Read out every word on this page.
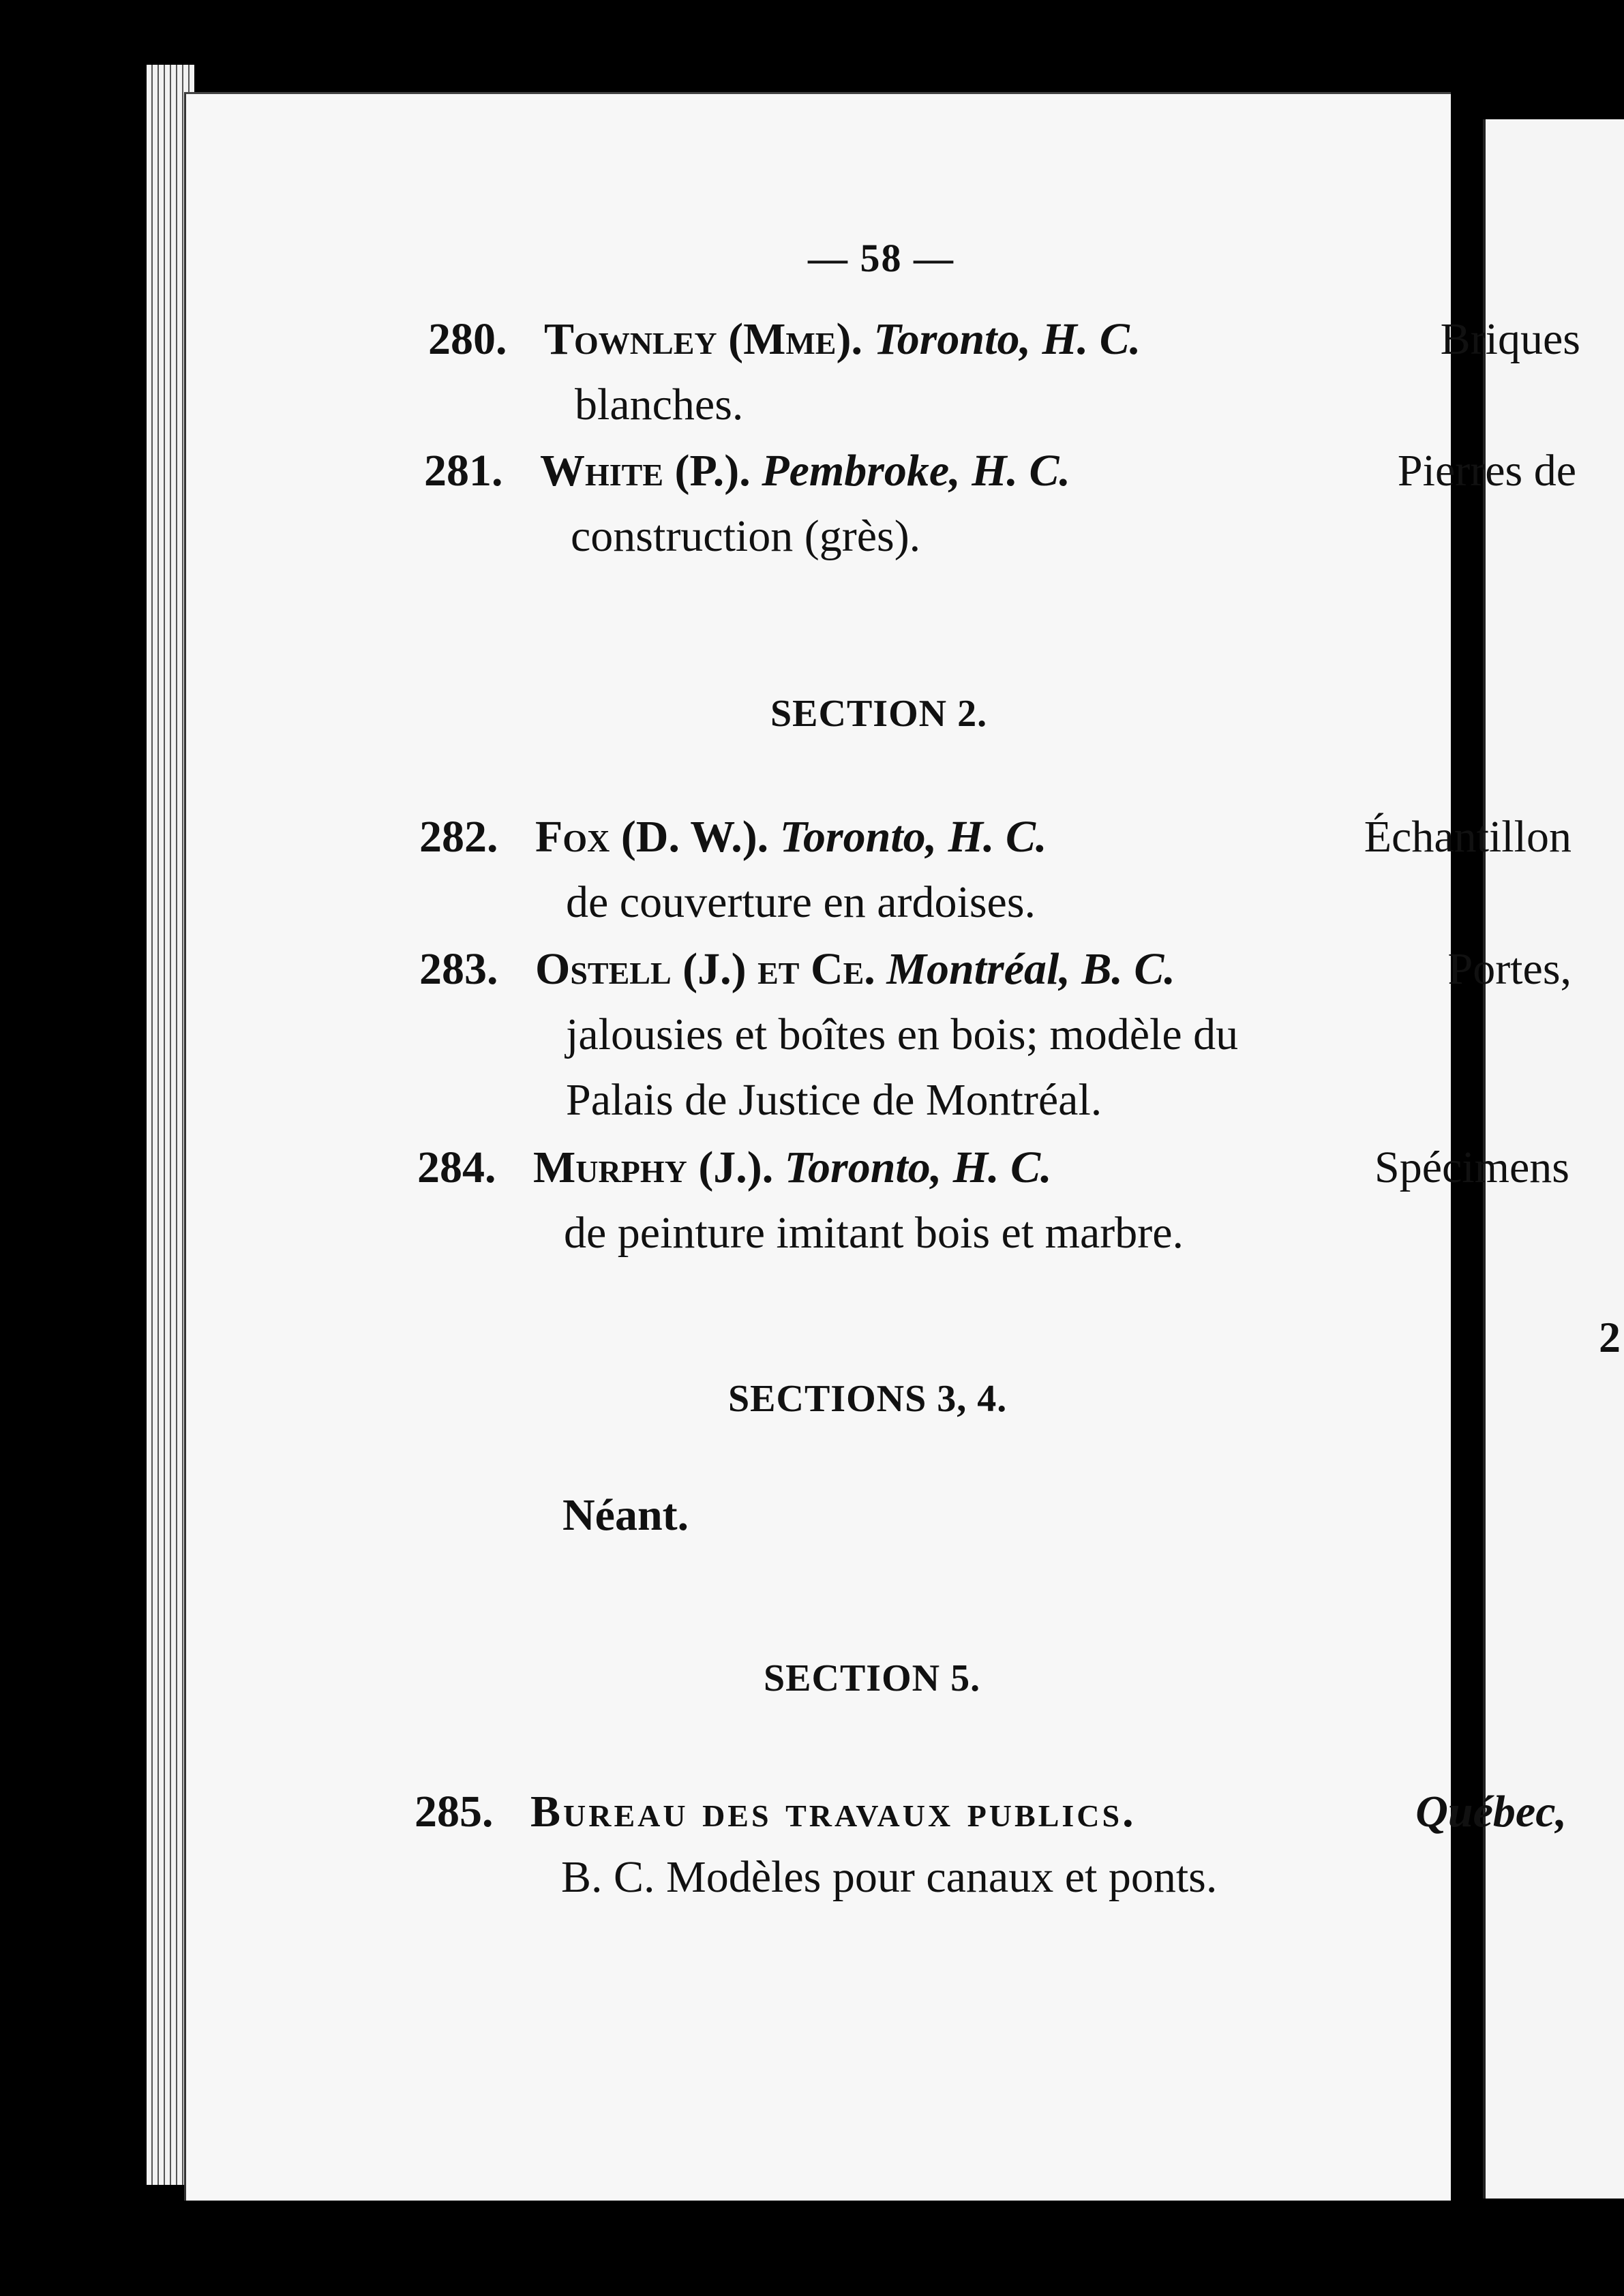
2
— 58 —
280. Townley (Mme). Toronto, H. C.	Briques
blanches.
281. White (P.). Pembroke, H. C.	Pierres de
construction (grès).
SECTION 2.
282. Fox (D. W.). Toronto, H. C.	Échantillon
de couverture en ardoises.
283. Ostell (J.) et Ce. Montréal, B. C.	Portes,
jalousies et boîtes en bois; modèle du
Palais de Justice de Montréal.
284. Murphy (J.). Toronto, H. C.	Spécimens
de peinture imitant bois et marbre.
SECTIONS 3, 4.
Néant.
SECTION 5.
285. Bureau des travaux publics.	Québec,
B. C. Modèles pour canaux et ponts.
